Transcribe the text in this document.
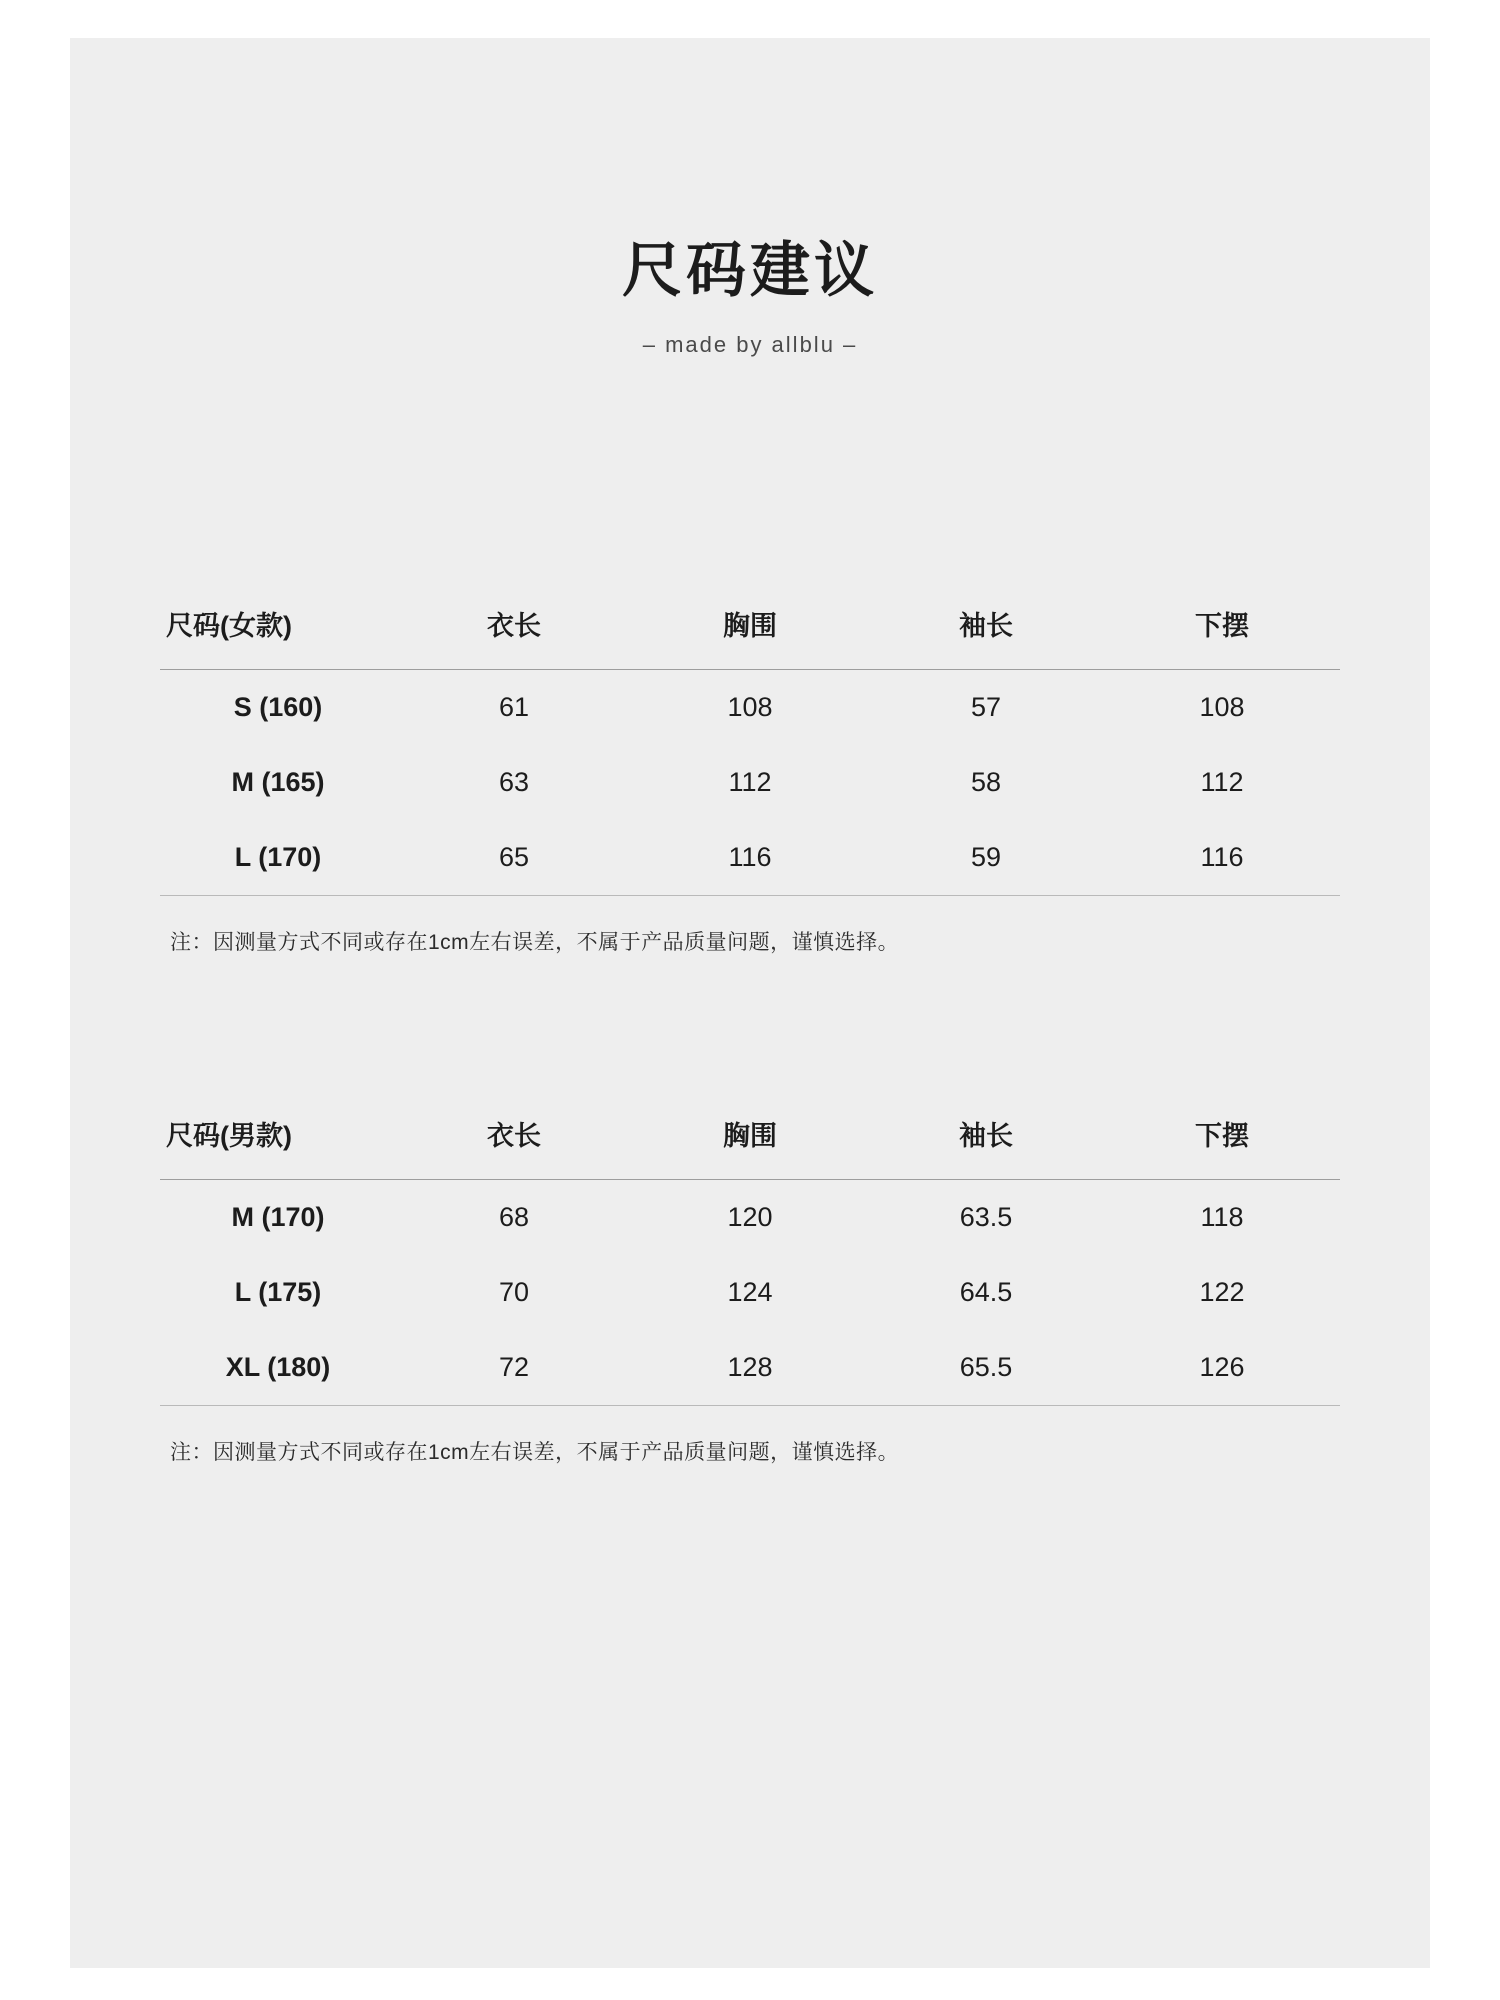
尺码建议
– made by allblu –
尺码(女款)	衣长	胸围	袖长	下摆
S (160)	61	108	57	108
M (165)	63	112	58	112
L (170)	65	116	59	116
注：因测量方式不同或存在1cm左右误差，不属于产品质量问题，谨慎选择。
尺码(男款)	衣长	胸围	袖长	下摆
M (170)	68	120	63.5	118
L (175)	70	124	64.5	122
XL (180)	72	128	65.5	126
注：因测量方式不同或存在1cm左右误差，不属于产品质量问题，谨慎选择。
